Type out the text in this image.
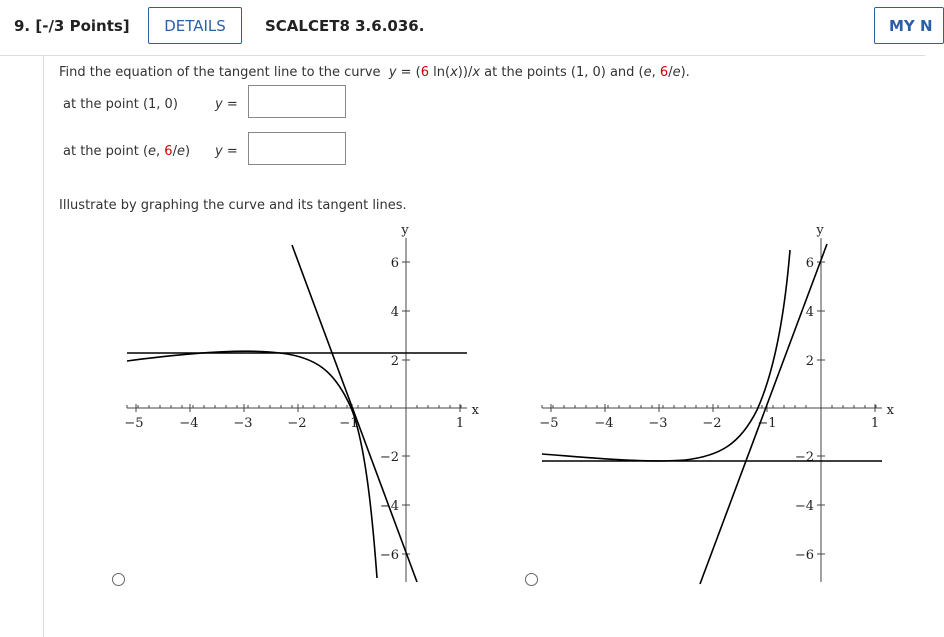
9. [-/3 Points]	DETAILS	SCALCET8 3.6.036.	MY N
Find the equation of the tangent line to the curve y = (6 ln(x))/x at the points (1, 0) and (e, 6/e).
at the point (1, 0)	y =
at the point (e, 6/e) y =
Illustrate by graphing the curve and its tangent lines.
x
y
−5	−4	−3	−2	−1	1
6
4
2
−2
−4
−6
x
y
−5	−4	−3	−2	−1	1
6
4
2
−2
−4
−6
